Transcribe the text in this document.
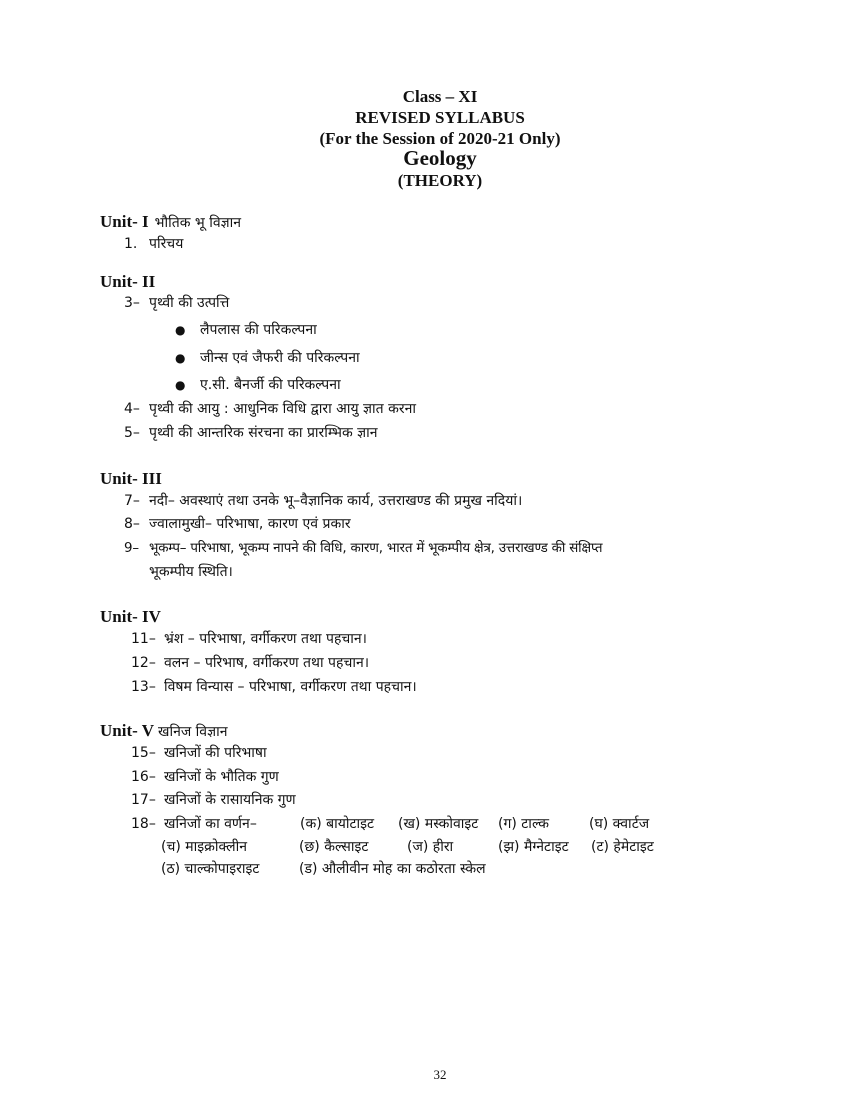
Class – XI
REVISED SYLLABUS
(For the Session of 2020-21 Only)
Geology
(THEORY)
Unit- I भौतिक भू विज्ञान
1. परिचय
Unit- II
3– पृथ्वी की उत्पत्ति
● लैपलास की परिकल्पना
● जीन्स एवं जैफरी की परिकल्पना
● ए.सी. बैनर्जी की परिकल्पना
4– पृथ्वी की आयु : आधुनिक विधि द्वारा आयु ज्ञात करना
5– पृथ्वी की आन्तरिक संरचना का प्रारम्भिक ज्ञान
Unit- III
7– नदी– अवस्थाएं तथा उनके भू–वैज्ञानिक कार्य, उत्तराखण्ड की प्रमुख नदियां।
8– ज्वालामुखी– परिभाषा, कारण एवं प्रकार
9– भूकम्प– परिभाषा, भूकम्प नापने की विधि, कारण, भारत में भूकम्पीय क्षेत्र, उत्तराखण्ड की संक्षिप्त
भूकम्पीय स्थिति।
Unit- IV
11– भ्रंश – परिभाषा, वर्गीकरण तथा पहचान।
12– वलन – परिभाष, वर्गीकरण तथा पहचान।
13– विषम विन्यास – परिभाषा, वर्गीकरण तथा पहचान।
Unit- V खनिज विज्ञान
15– खनिजों की परिभाषा
16– खनिजों के भौतिक गुण
17– खनिजों के रासायनिक गुण
18– खनिजों का वर्णन–	(क) बायोटाइट (ख) मस्कोवाइट (ग) टाल्क	(घ) क्वार्टज
(च) माइक्रोक्लीन	(छ) कैल्साइट	(ज) हीरा	(झ) मैग्नेटाइट (ट) हेमेटाइट
(ठ) चाल्कोपाइराइट	(ड) औलीवीन मोह का कठोरता स्केल
32
